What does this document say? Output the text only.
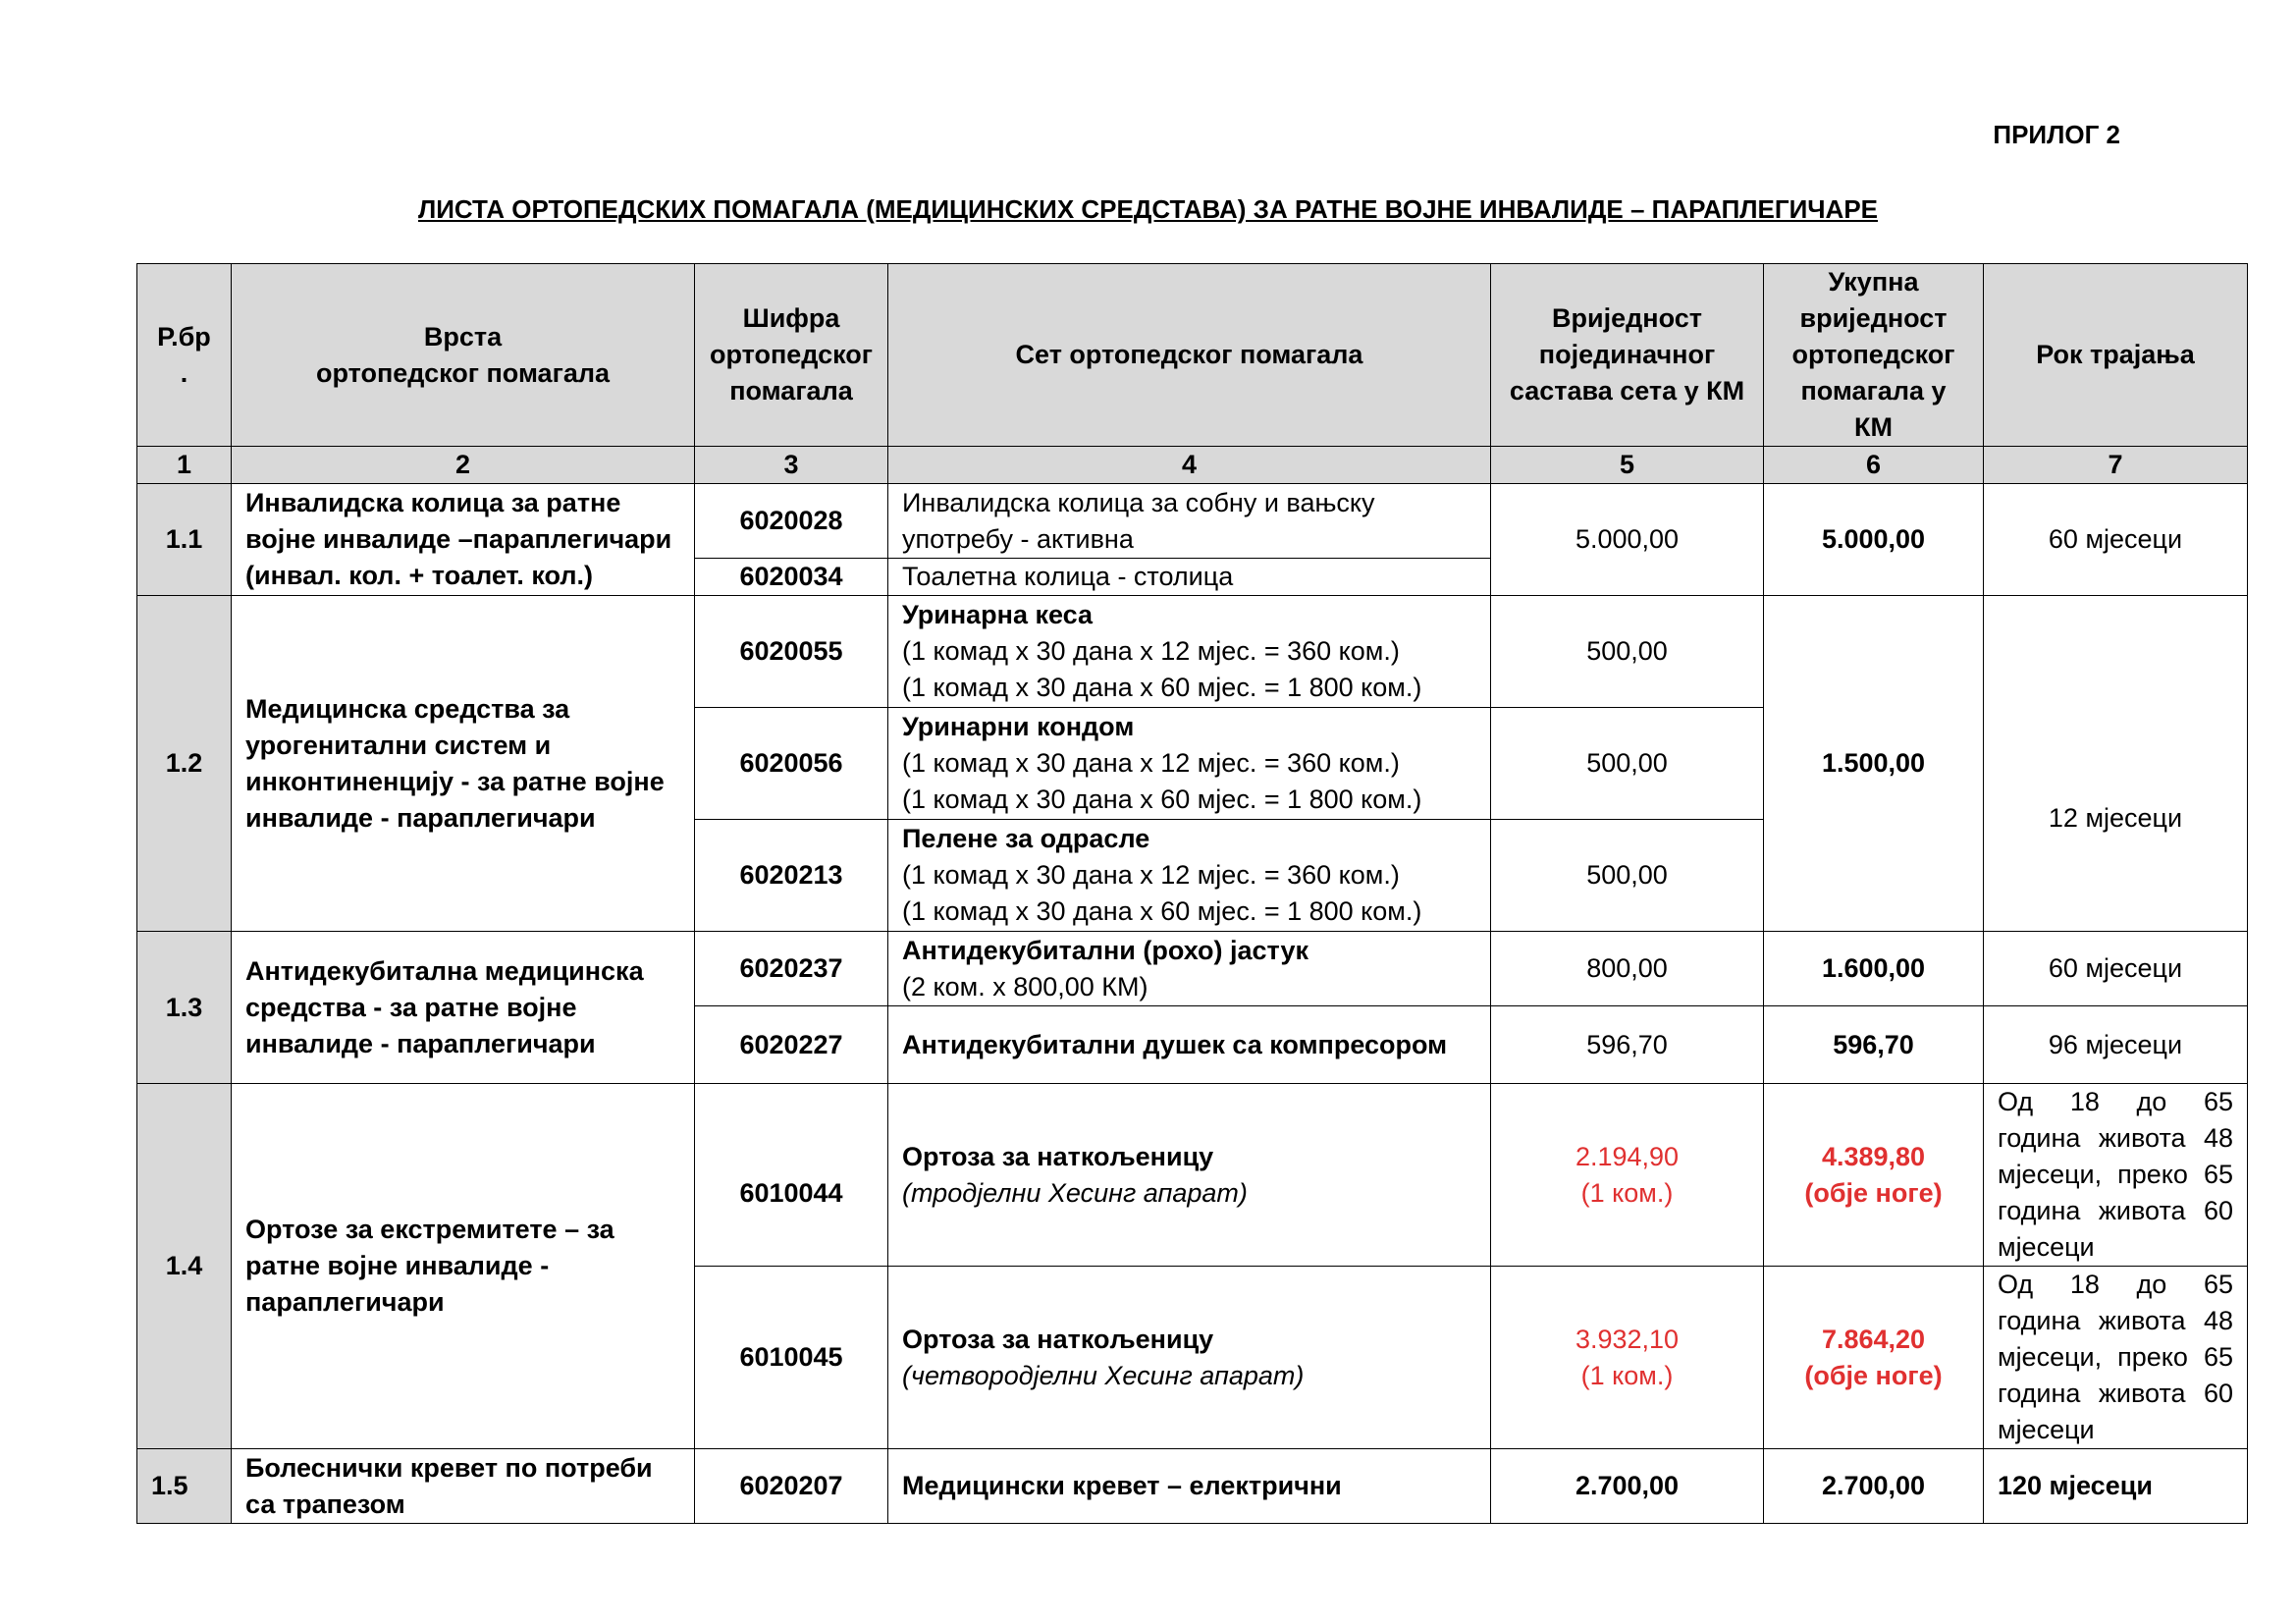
ПРИЛОГ 2
ЛИСТА ОРТОПЕДСКИХ ПОМАГАЛА (МЕДИЦИНСКИХ СРЕДСТАВА) ЗА РАТНЕ ВОЈНЕ ИНВАЛИДЕ – ПАРАПЛЕГИЧАРЕ
Р.бр
.	Врста
ортопедског помагала	Шифра
ортопедског
помагала	Сет ортопедског помагала	Вриједност
појединачног
састава сета у КМ	Укупна
вриједност
ортопедског
помагала у
КМ	Рок трајања
1	2	3	4	5	6	7
1.1	Инвалидска колица за ратне
војне инвалиде –параплегичари
(инвал. кол. + тоалет. кол.)	6020028	Инвалидска колица за собну и вањску
употребу - активна	5.000,00	5.000,00	60 мјесеци
		6020034	Тоалетна колица - столица			
1.2	Медицинска средства за
урогенитални систем и
инконтиненцију - за ратне војне
инвалиде - параплегичари	6020055	Уринарна кеса
(1 комад x 30 дана x 12 мјес. = 360 ком.)
(1 комад x 30 дана x 60 мјес. = 1 800 ком.)	500,00	1.500,00	12 мјесеци
		6020056	Уринарни кондом
(1 комад x 30 дана x 12 мјес. = 360 ком.)
(1 комад x 30 дана x 60 мјес. = 1 800 ком.)	500,00		
		6020213	Пелене за одрасле
(1 комад x 30 дана x 12 мјес. = 360 ком.)
(1 комад x 30 дана x 60 мјес. = 1 800 ком.)	500,00		
1.3	Антидекубитална медицинска
средства - за ратне војне
инвалиде - параплегичари	6020237	Антидекубитални (рохо) јастук
(2 ком. x 800,00 КМ)	800,00	1.600,00	60 мјесеци
		6020227	Антидекубитални душек са компресором	596,70	596,70	96 мјесеци
1.4	Ортозе за екстремитете – за
ратне војне инвалиде -
параплегичари	6010044	Ортоза за наткољеницу
(тродјелни Хесинг апарат)	2.194,90
(1 ком.)	4.389,80
(обје ноге)	Од 18 до 65 година живота 48 мјесеци, преко 65 година живота 60 мјесеци
		6010045	Ортоза за наткољеницу
(четвородјелни Хесинг апарат)	3.932,10
(1 ком.)	7.864,20
(обје ноге)	Од 18 до 65 година живота 48 мјесеци, преко 65 година живота 60 мјесеци
1.5	Болеснички кревет по потреби
са трапезом	6020207	Медицински кревет – електрични	2.700,00	2.700,00	120 мјесеци
